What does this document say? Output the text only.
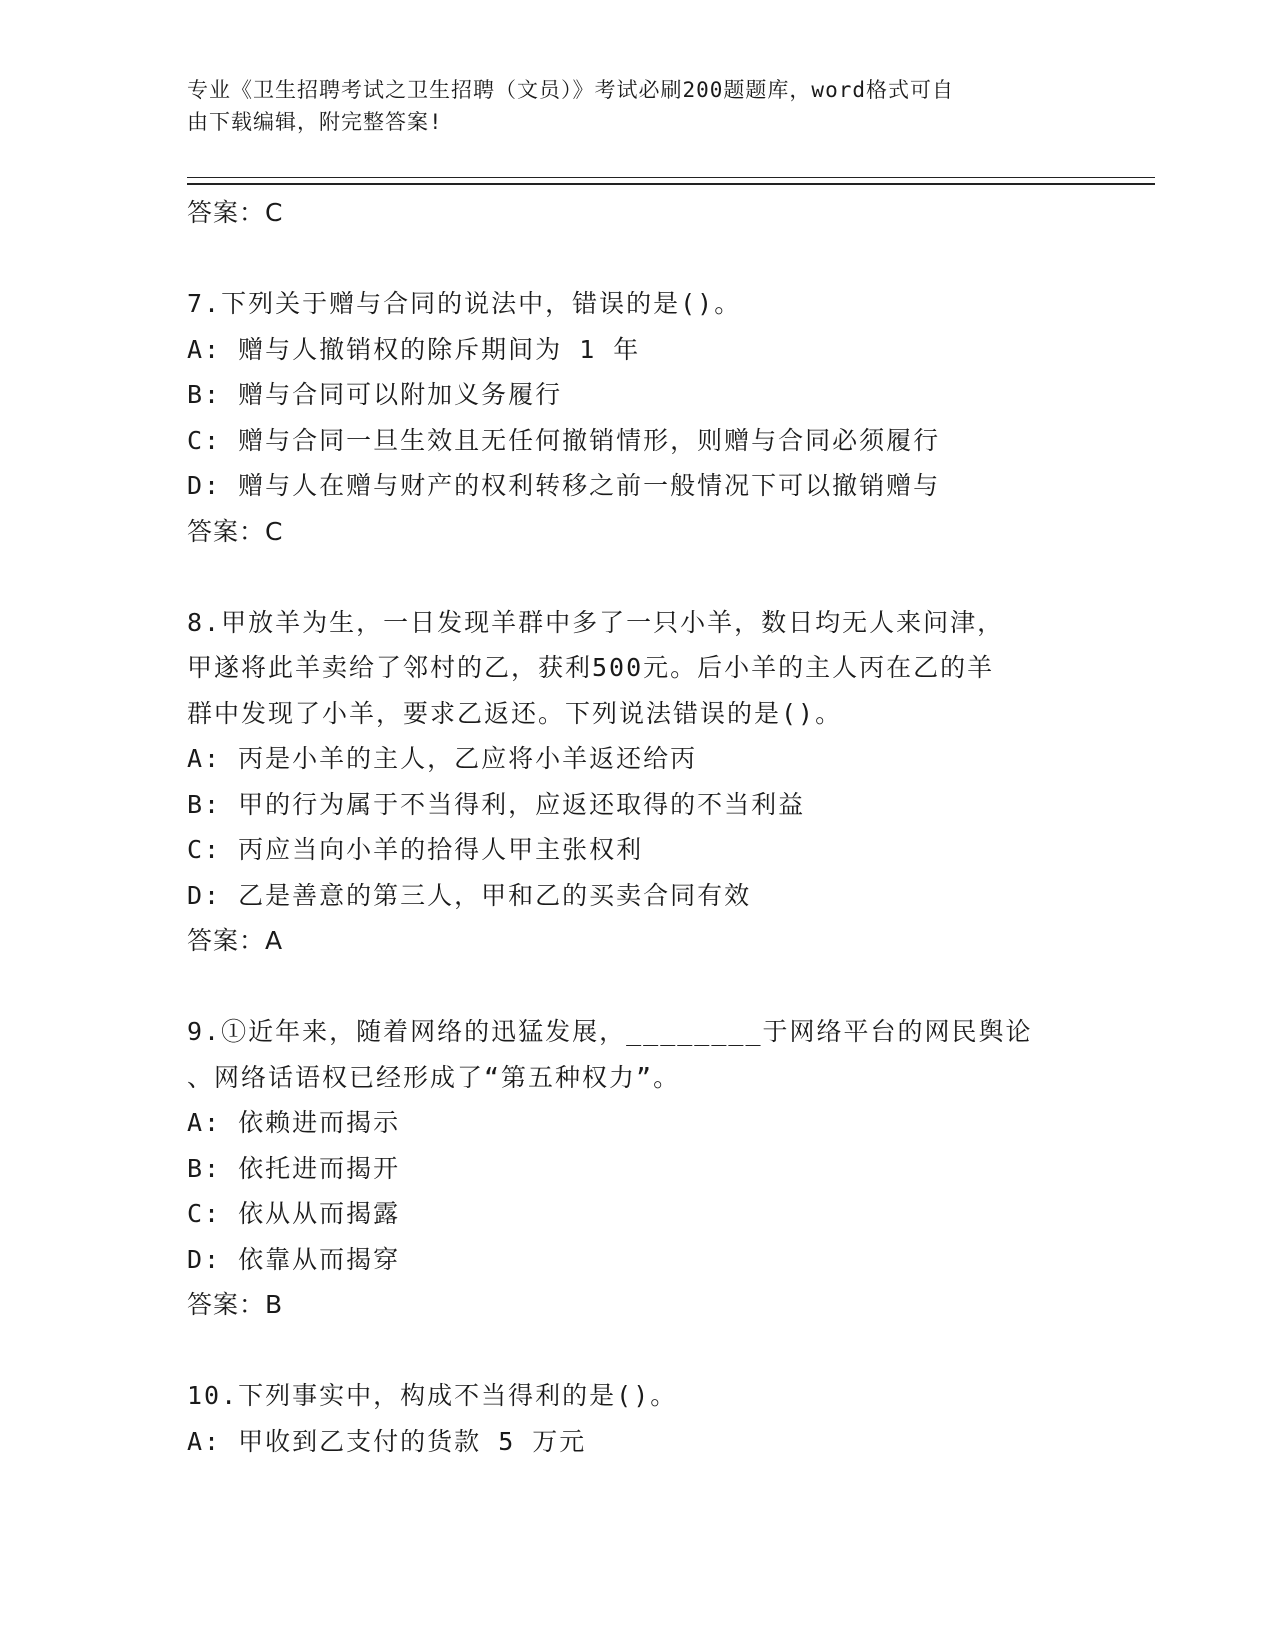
专业《卫生招聘考试之卫生招聘（文员）》考试必刷200题题库，word格式可自
由下载编辑，附完整答案!
答案：C
7.下列关于赠与合同的说法中，错误的是()。
A: 赠与人撤销权的除斥期间为 1 年
B: 赠与合同可以附加义务履行
C: 赠与合同一旦生效且无任何撤销情形，则赠与合同必须履行
D: 赠与人在赠与财产的权利转移之前一般情况下可以撤销赠与
答案：C
8.甲放羊为生，一日发现羊群中多了一只小羊，数日均无人来问津，
甲遂将此羊卖给了邻村的乙，获利500元。后小羊的主人丙在乙的羊
群中发现了小羊，要求乙返还。下列说法错误的是()。
A: 丙是小羊的主人，乙应将小羊返还给丙
B: 甲的行为属于不当得利，应返还取得的不当利益
C: 丙应当向小羊的拾得人甲主张权利
D: 乙是善意的第三人，甲和乙的买卖合同有效
答案：A
9.①近年来，随着网络的迅猛发展，________于网络平台的网民舆论
、网络话语权已经形成了“第五种权力”。
A: 依赖进而揭示
B: 依托进而揭开
C: 依从从而揭露
D: 依靠从而揭穿
答案：B
10.下列事实中，构成不当得利的是()。
A: 甲收到乙支付的货款 5 万元
